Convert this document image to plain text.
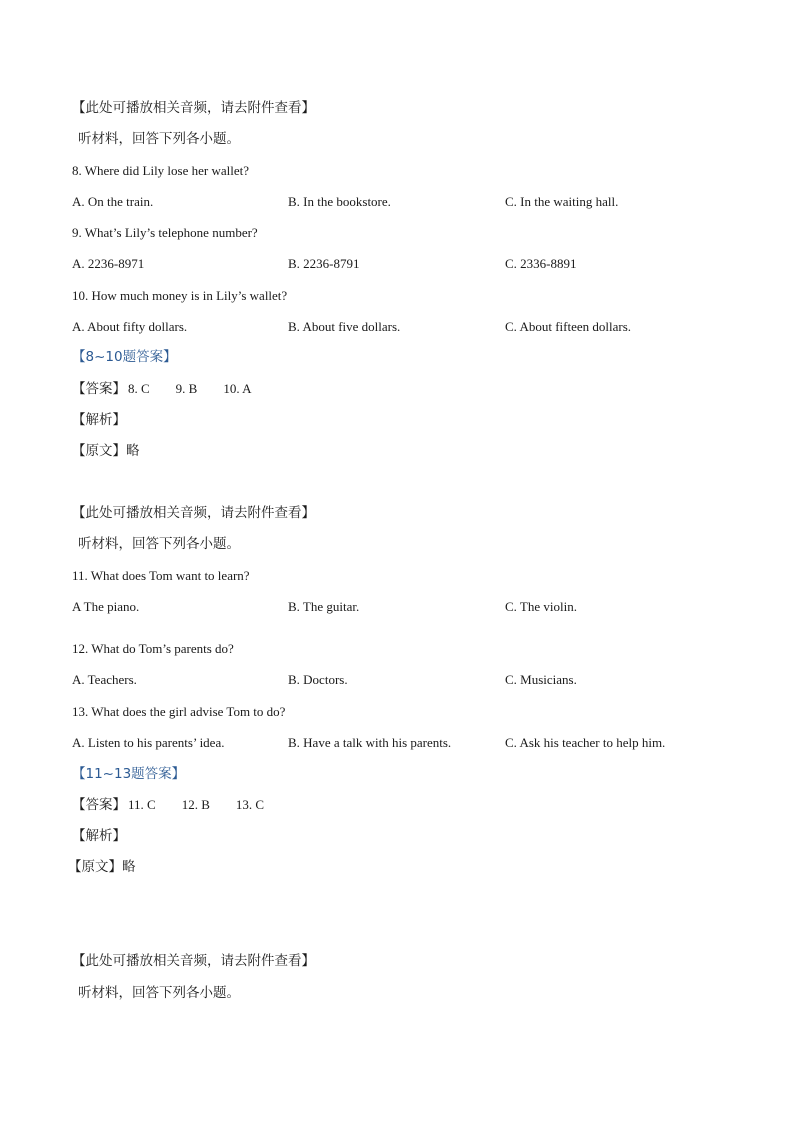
【此处可播放相关音频，请去附件查看】
听材料，回答下列各小题。
8. Where did Lily lose her wallet?
A. On the train.	B. In the bookstore.	C. In the waiting hall.
9. What’s Lily’s telephone number?
A. 2236-8971	B. 2236-8791	C. 2336-8891
10. How much money is in Lily’s wallet?
A. About fifty dollars.	B. About five dollars.	C. About fifteen dollars.
【8~10题答案】
【答案】 8. C 9. B 10. A
【解析】
【原文】略
【此处可播放相关音频，请去附件查看】
听材料，回答下列各小题。
11. What does Tom want to learn?
A The piano.	B. The guitar.	C. The violin.
12. What do Tom’s parents do?
A. Teachers.	B. Doctors.	C. Musicians.
13. What does the girl advise Tom to do?
A. Listen to his parents’ idea.	B. Have a talk with his parents.	C. Ask his teacher to help him.
【11~13题答案】
【答案】 11. C 12. B 13. C
【解析】
【原文】略
【此处可播放相关音频，请去附件查看】
听材料，回答下列各小题。
